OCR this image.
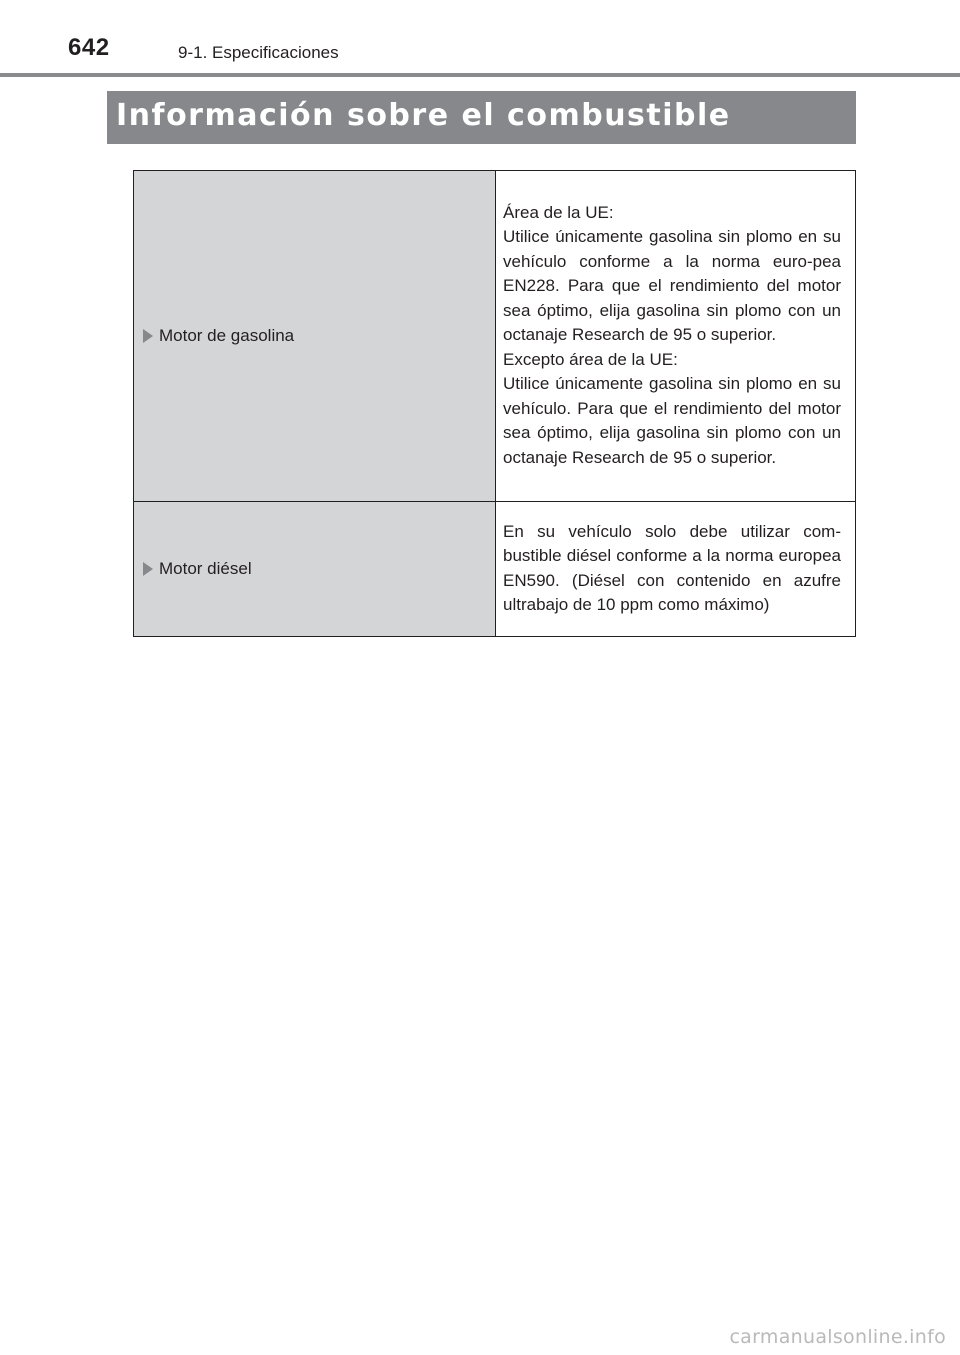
642	9-1. Especificaciones
Información sobre el combustible
Motor de gasolina	Área de la UE:
Utilice únicamente gasolina sin plomo en su vehículo conforme a la norma euro-pea EN228. Para que el rendimiento del motor sea óptimo, elija gasolina sin plomo con un octanaje Research de 95 o superior.
Excepto área de la UE:
Utilice únicamente gasolina sin plomo en su vehículo. Para que el rendimiento del motor sea óptimo, elija gasolina sin plomo con un octanaje Research de 95 o superior.

Motor diésel	En su vehículo solo debe utilizar com-bustible diésel conforme a la norma europea EN590. (Diésel con contenido en azufre ultrabajo de 10 ppm como máximo)
carmanualsonline.info
